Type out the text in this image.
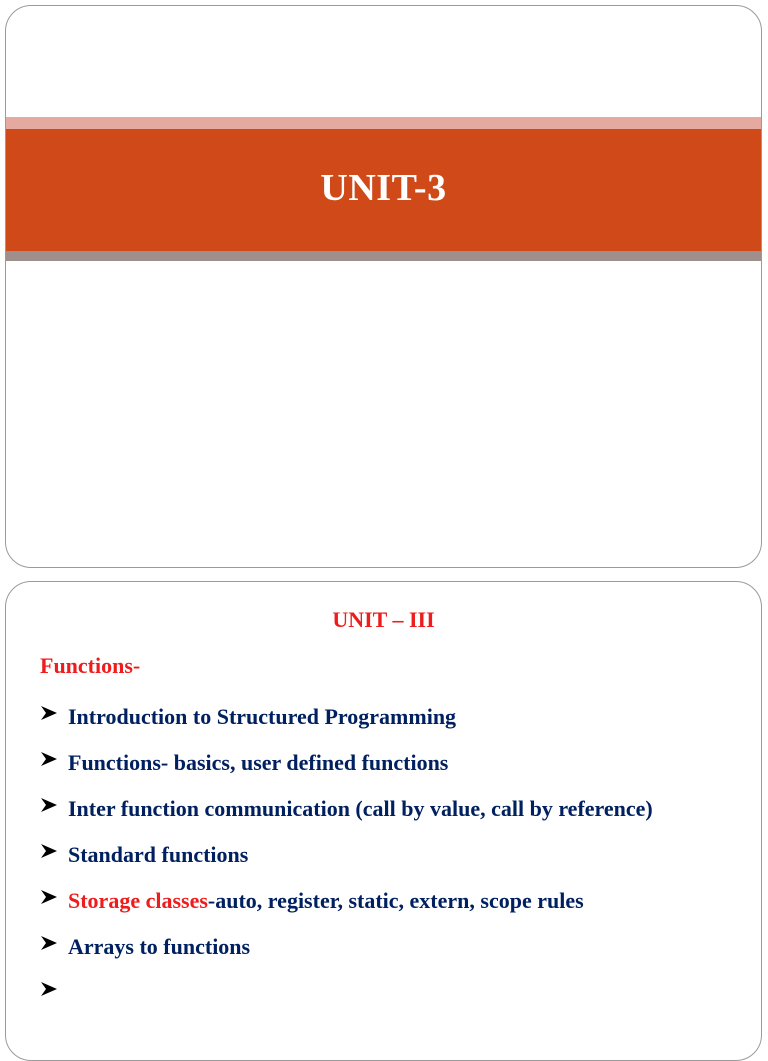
UNIT-3
UNIT – III
Functions-
Introduction to Structured Programming
Functions- basics, user defined functions
Inter function communication (call by value, call by reference)
Standard functions
Storage classes-auto, register, static, extern, scope rules
Arrays to functions
